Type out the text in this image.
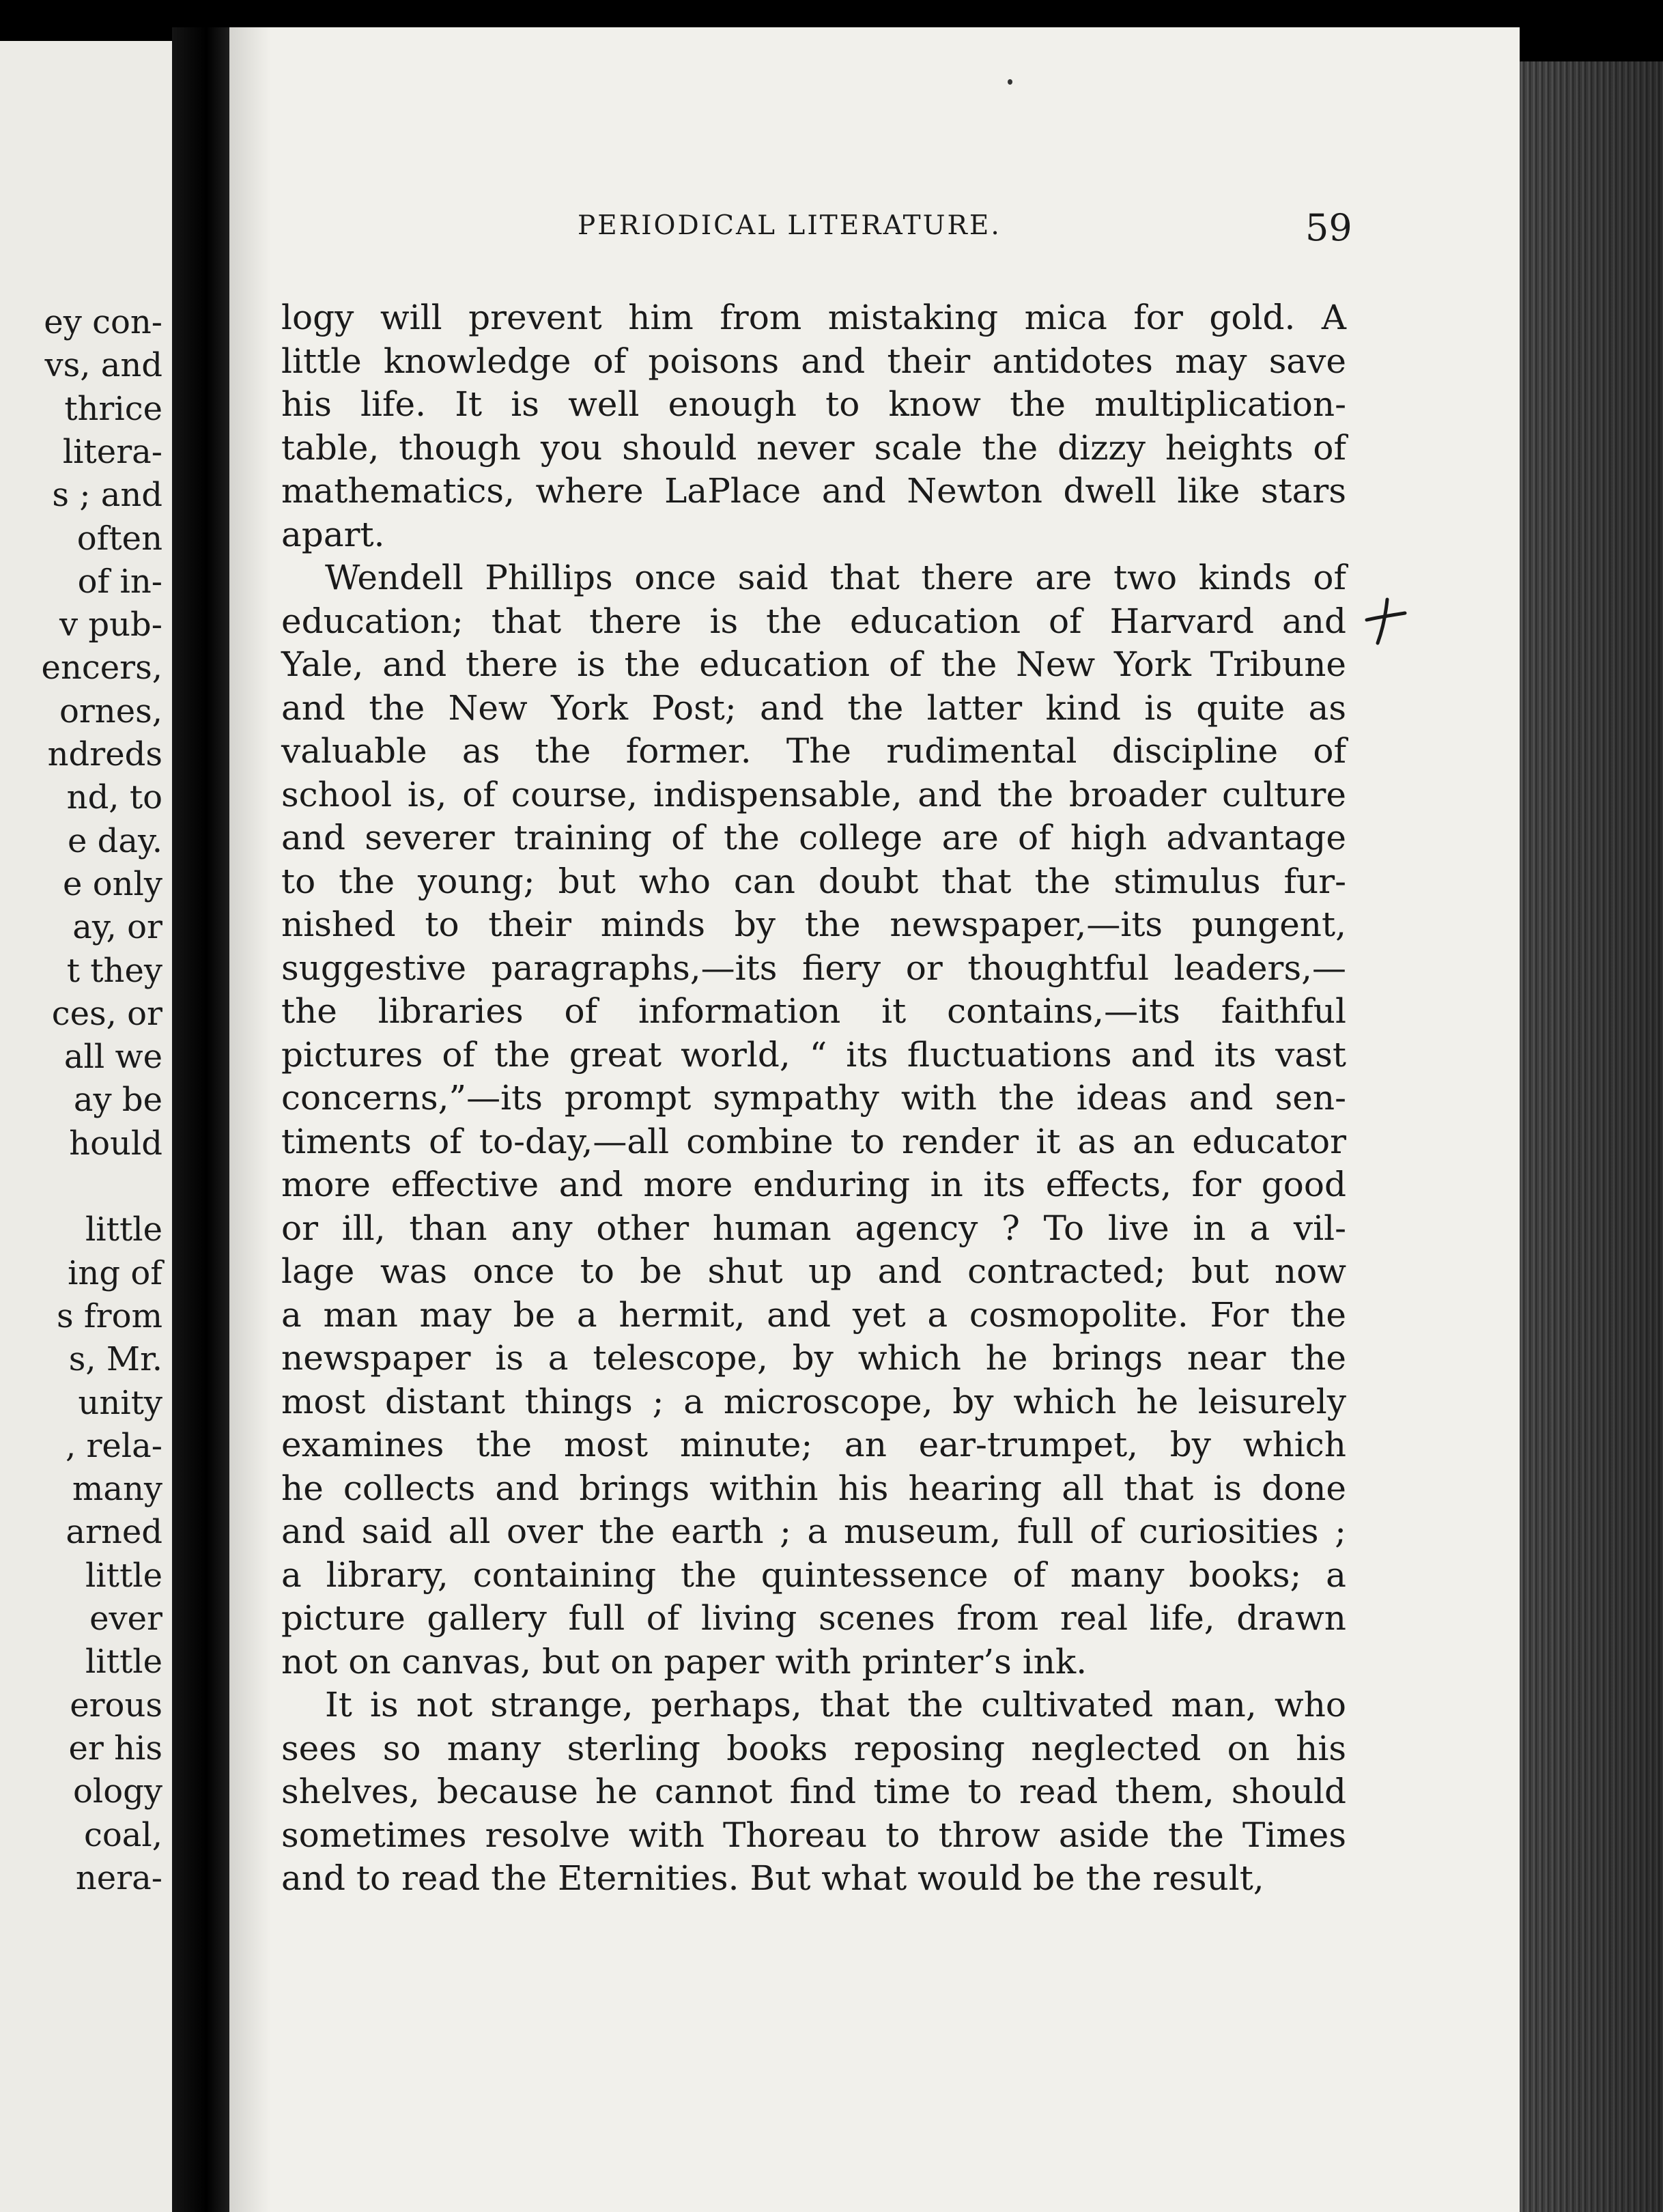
ey con-
vs, and
thrice
litera-
s ; and
often
of in-
v pub-
encers,
ornes,
ndreds
nd, to
e day.
e only
ay, or
t they
ces, or
all we
ay be
hould
little
ing of
s from
s, Mr.
unity
, rela-
many
arned
little
ever
little
erous
er his
ology
coal,
nera-
PERIODICAL LITERATURE.	59
logy will prevent him from mistaking mica for gold. A
little knowledge of poisons and their antidotes may save
his life. It is well enough to know the multiplication-
table, though you should never scale the dizzy heights of
mathematics, where LaPlace and Newton dwell like stars
apart.
Wendell Phillips once said that there are two kinds of
education; that there is the education of Harvard and
Yale, and there is the education of the New York Tribune
and the New York Post; and the latter kind is quite as
valuable as the former. The rudimental discipline of
school is, of course, indispensable, and the broader culture
and severer training of the college are of high advantage
to the young; but who can doubt that the stimulus fur-
nished to their minds by the newspaper,—its pungent,
suggestive paragraphs,—its fiery or thoughtful leaders,—
the libraries of information it contains,—its faithful
pictures of the great world, “ its fluctuations and its vast
concerns,”—its prompt sympathy with the ideas and sen-
timents of to-day,—all combine to render it as an educator
more effective and more enduring in its effects, for good
or ill, than any other human agency ? To live in a vil-
lage was once to be shut up and contracted; but now
a man may be a hermit, and yet a cosmopolite. For the
newspaper is a telescope, by which he brings near the
most distant things ; a microscope, by which he leisurely
examines the most minute; an ear-trumpet, by which
he collects and brings within his hearing all that is done
and said all over the earth ; a museum, full of curiosities ;
a library, containing the quintessence of many books; a
picture gallery full of living scenes from real life, drawn
not on canvas, but on paper with printer’s ink.
It is not strange, perhaps, that the cultivated man, who
sees so many sterling books reposing neglected on his
shelves, because he cannot find time to read them, should
sometimes resolve with Thoreau to throw aside the Times
and to read the Eternities. But what would be the result,
